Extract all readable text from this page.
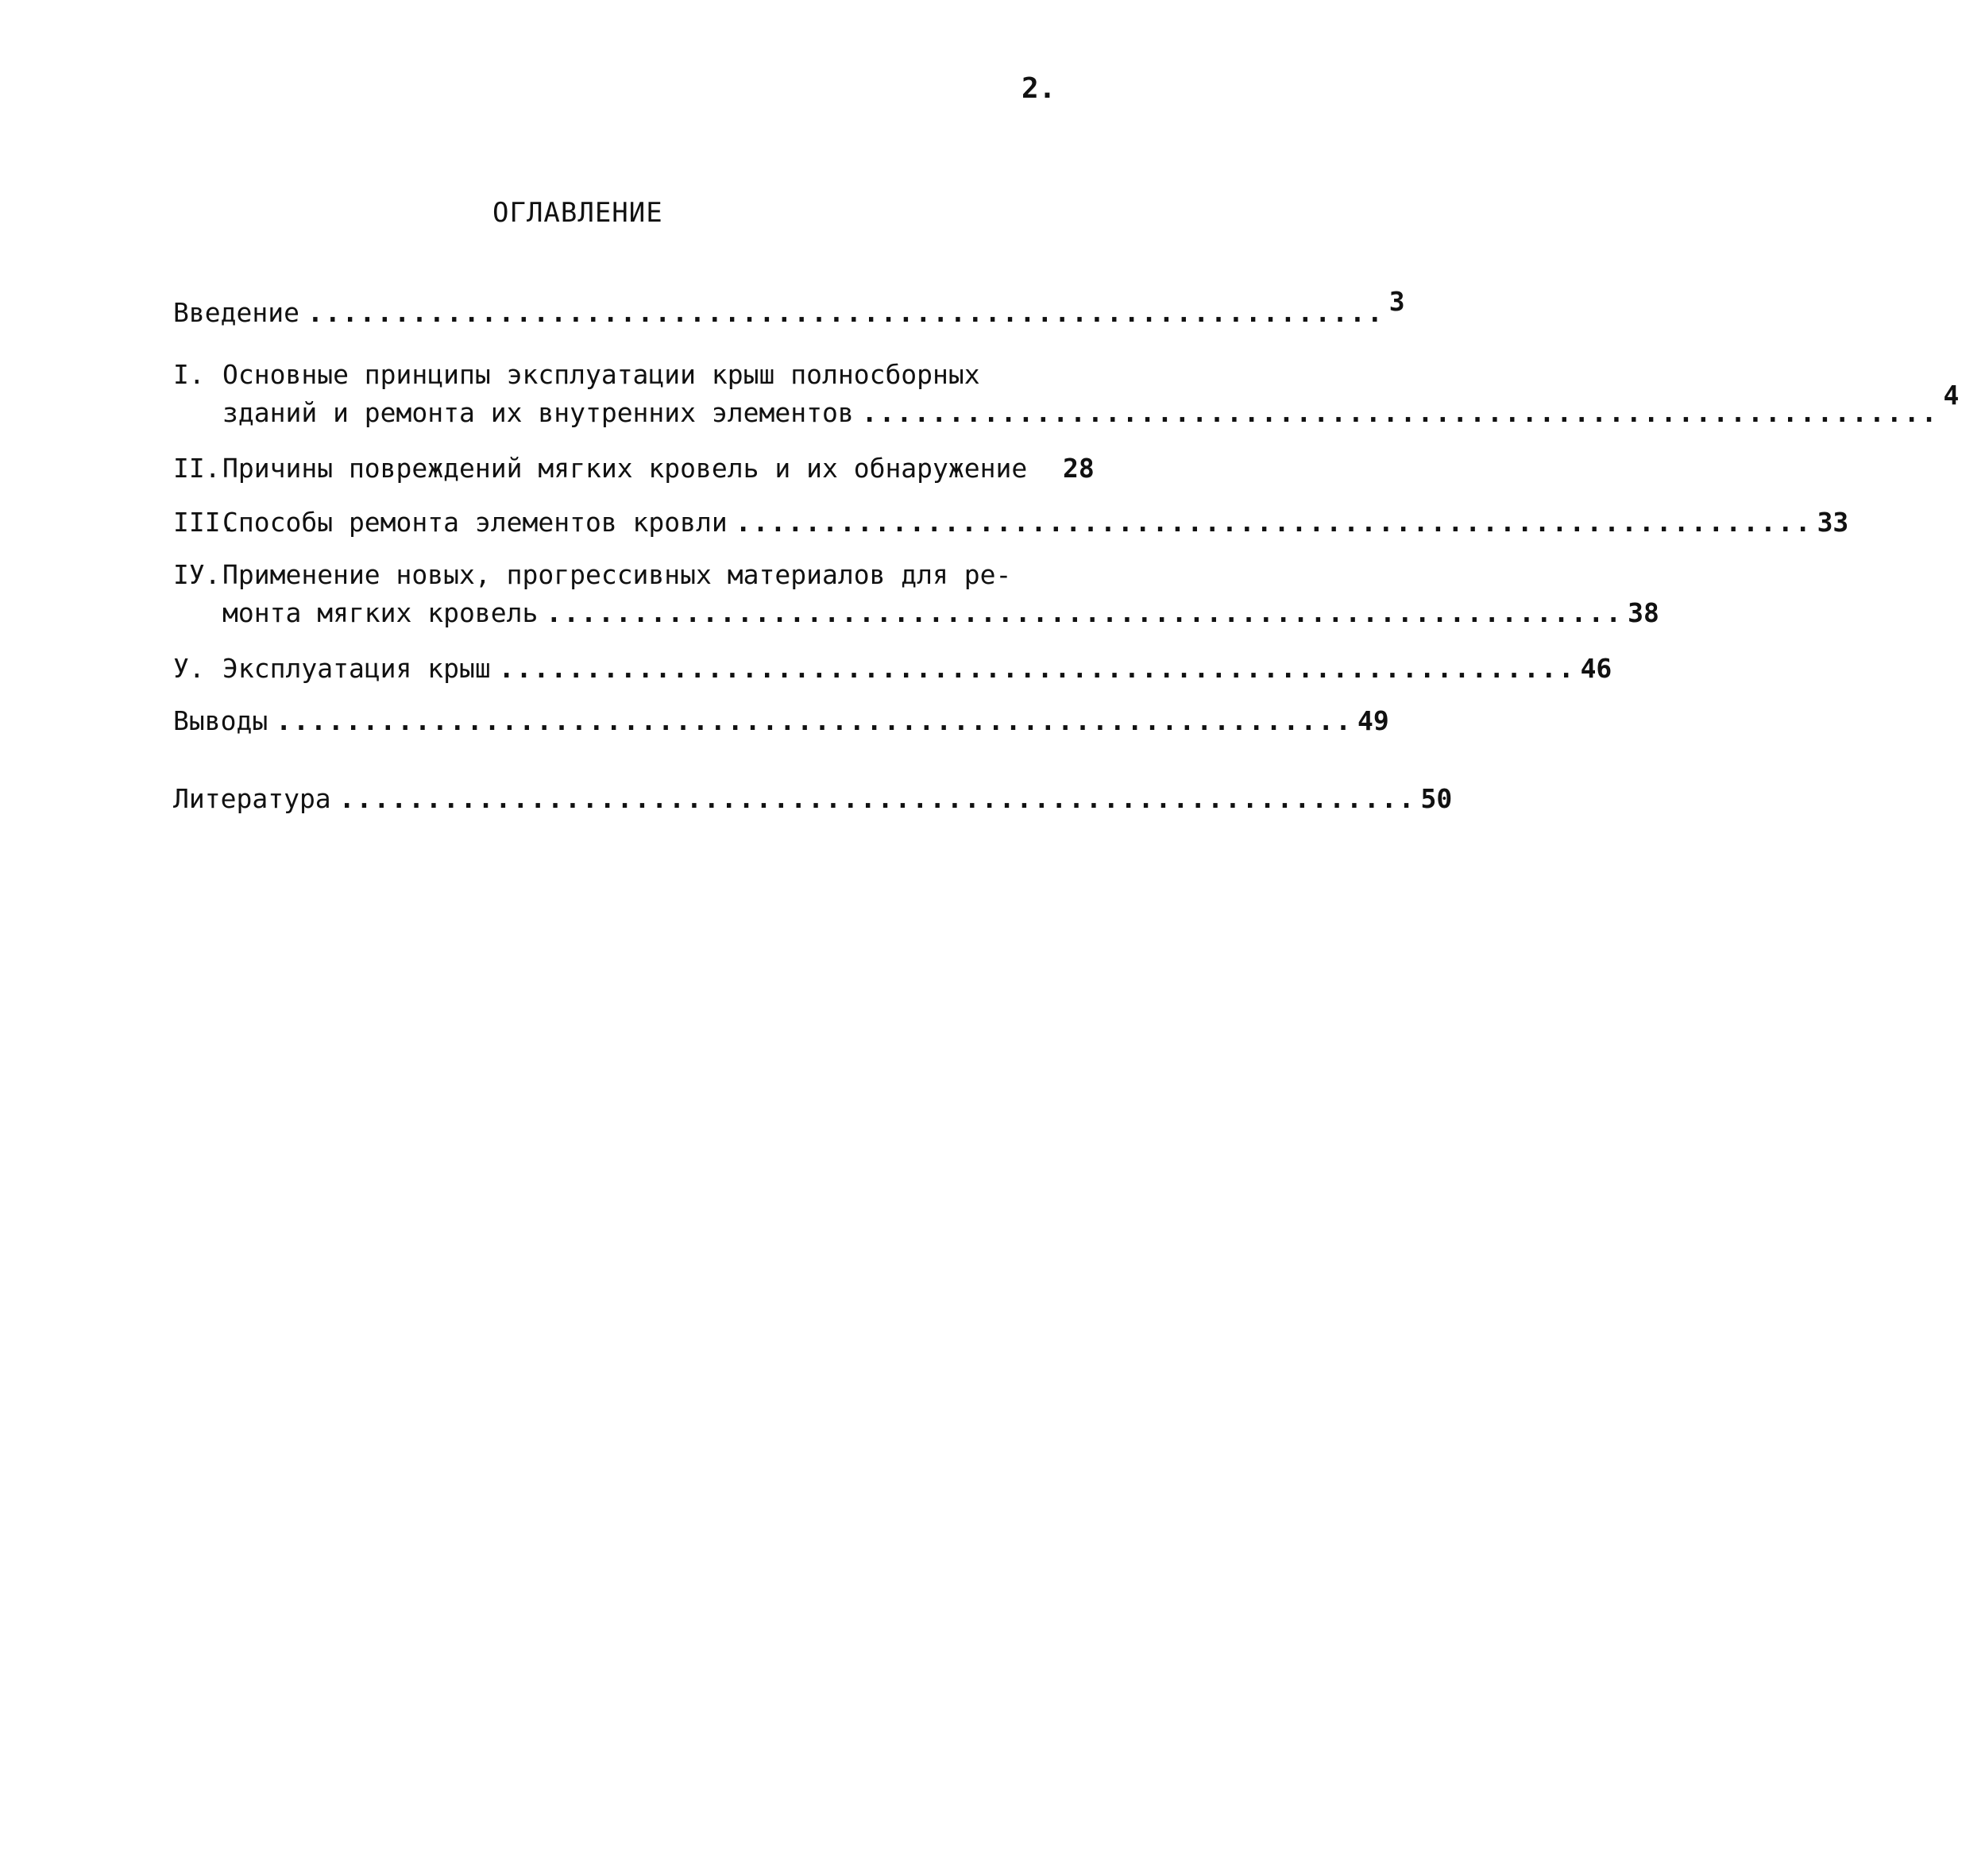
2.
ОГЛАВЛЕНИЕ
Введение .............................................................. 3
I. Основные принципы эксплуатации крыш полносборных
зданий и ремонта их внутренних элементов ..............................................................
4
II. Причины повреждений мягких кровель и их обнаружение 28
III.
Способы ремонта элементов кровли .............................................................. 33
IУ. Применение новых, прогрессивных материалов для ре-
монта мягких кровель .............................................................. 38
У. Эксплуатация крыш .............................................................. 46
Выводы .............................................................. 49
Литература .............................................................. 50
